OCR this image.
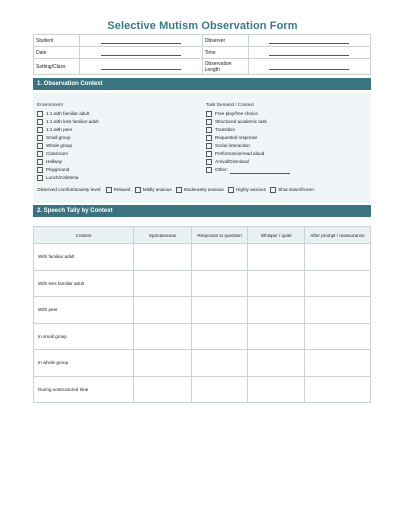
Selective Mutism Observation Form
Student		Observer	

Date		Time	

Setting/Class		Observation Length	
1. Observation Context
Environment
1:1 with familiar adult
1:1 with less familiar adult
1:1 with peer
Small group
Whole group
Classroom
Hallway
Playground
Lunch/Cafeteria
Task Demand / Context
Free play/free choice
Structured academic task
Transition
Requested response
Social interaction
Performance/read aloud
Arrival/Dismissal
Other:
Observed comfort/anxiety level:	Relaxed	Mildly anxious	Moderately anxious	Highly anxious	Shut down/frozen
2. Speech Tally by Context
Context	Spontaneous	Response to question	Whisper / quiet	After prompt / reassurance
With familiar adult				
With less familiar adult				
With peer				
In small group				
In whole group				
During unstructured time				
